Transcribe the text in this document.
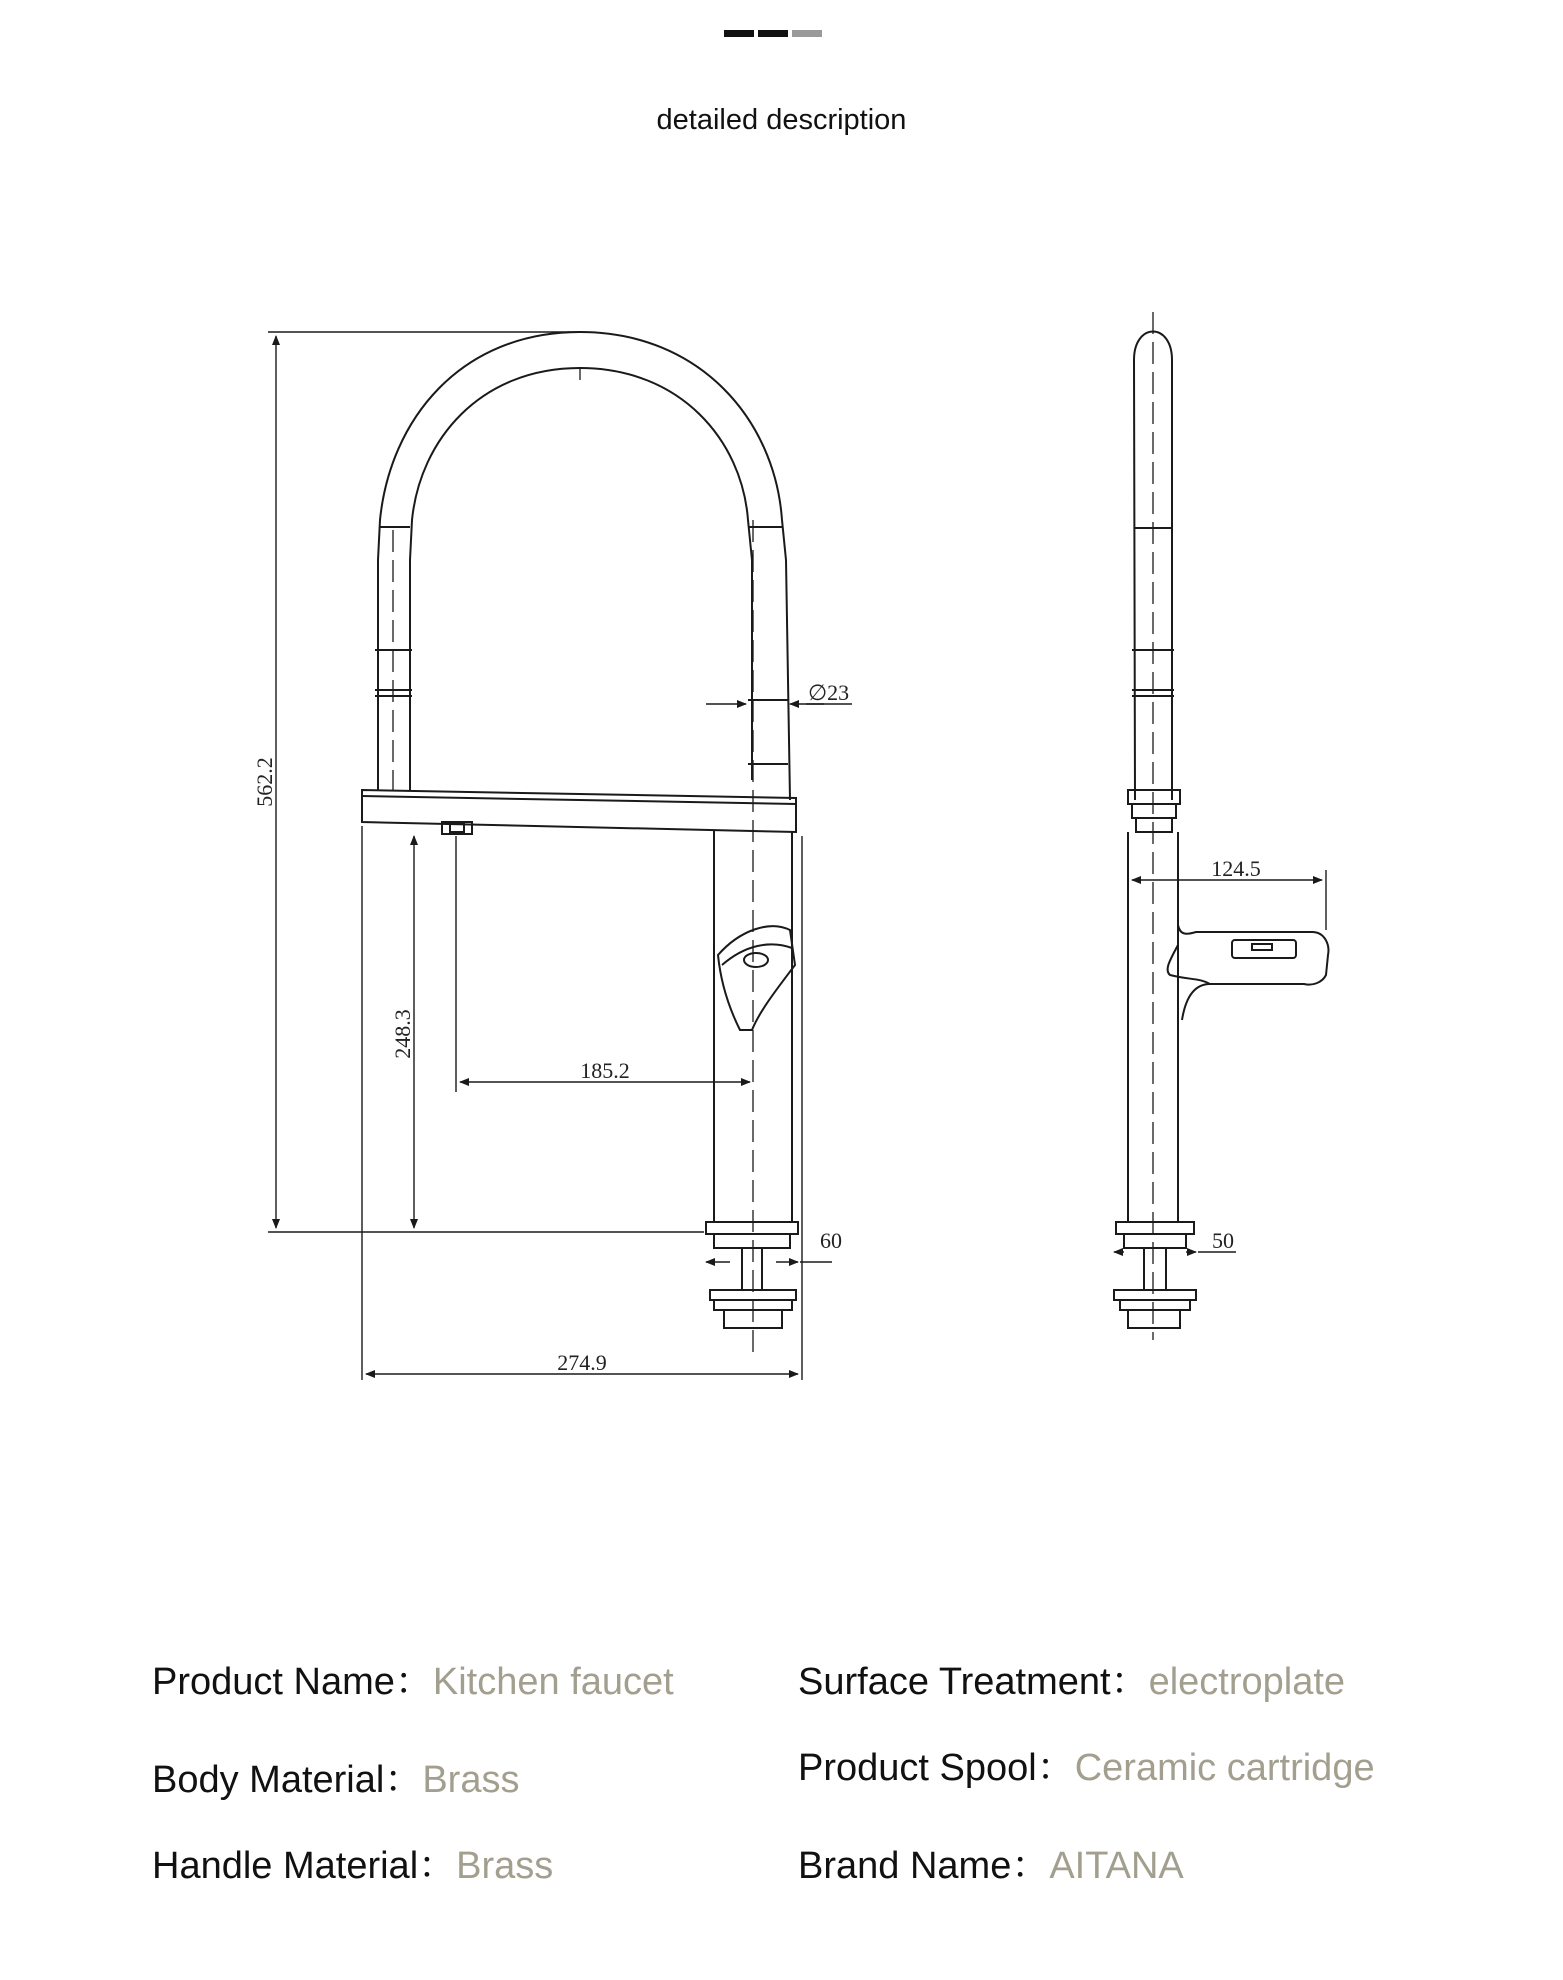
detailed description
562.2
248.3
185.2
274.9
∅23
60
124.5
50
Product Name：Kitchen faucet	Surface Treatment：electroplate
Body Material：Brass	Product Spool：Ceramic cartridge
Handle Material：Brass	Brand Name：AITANA
